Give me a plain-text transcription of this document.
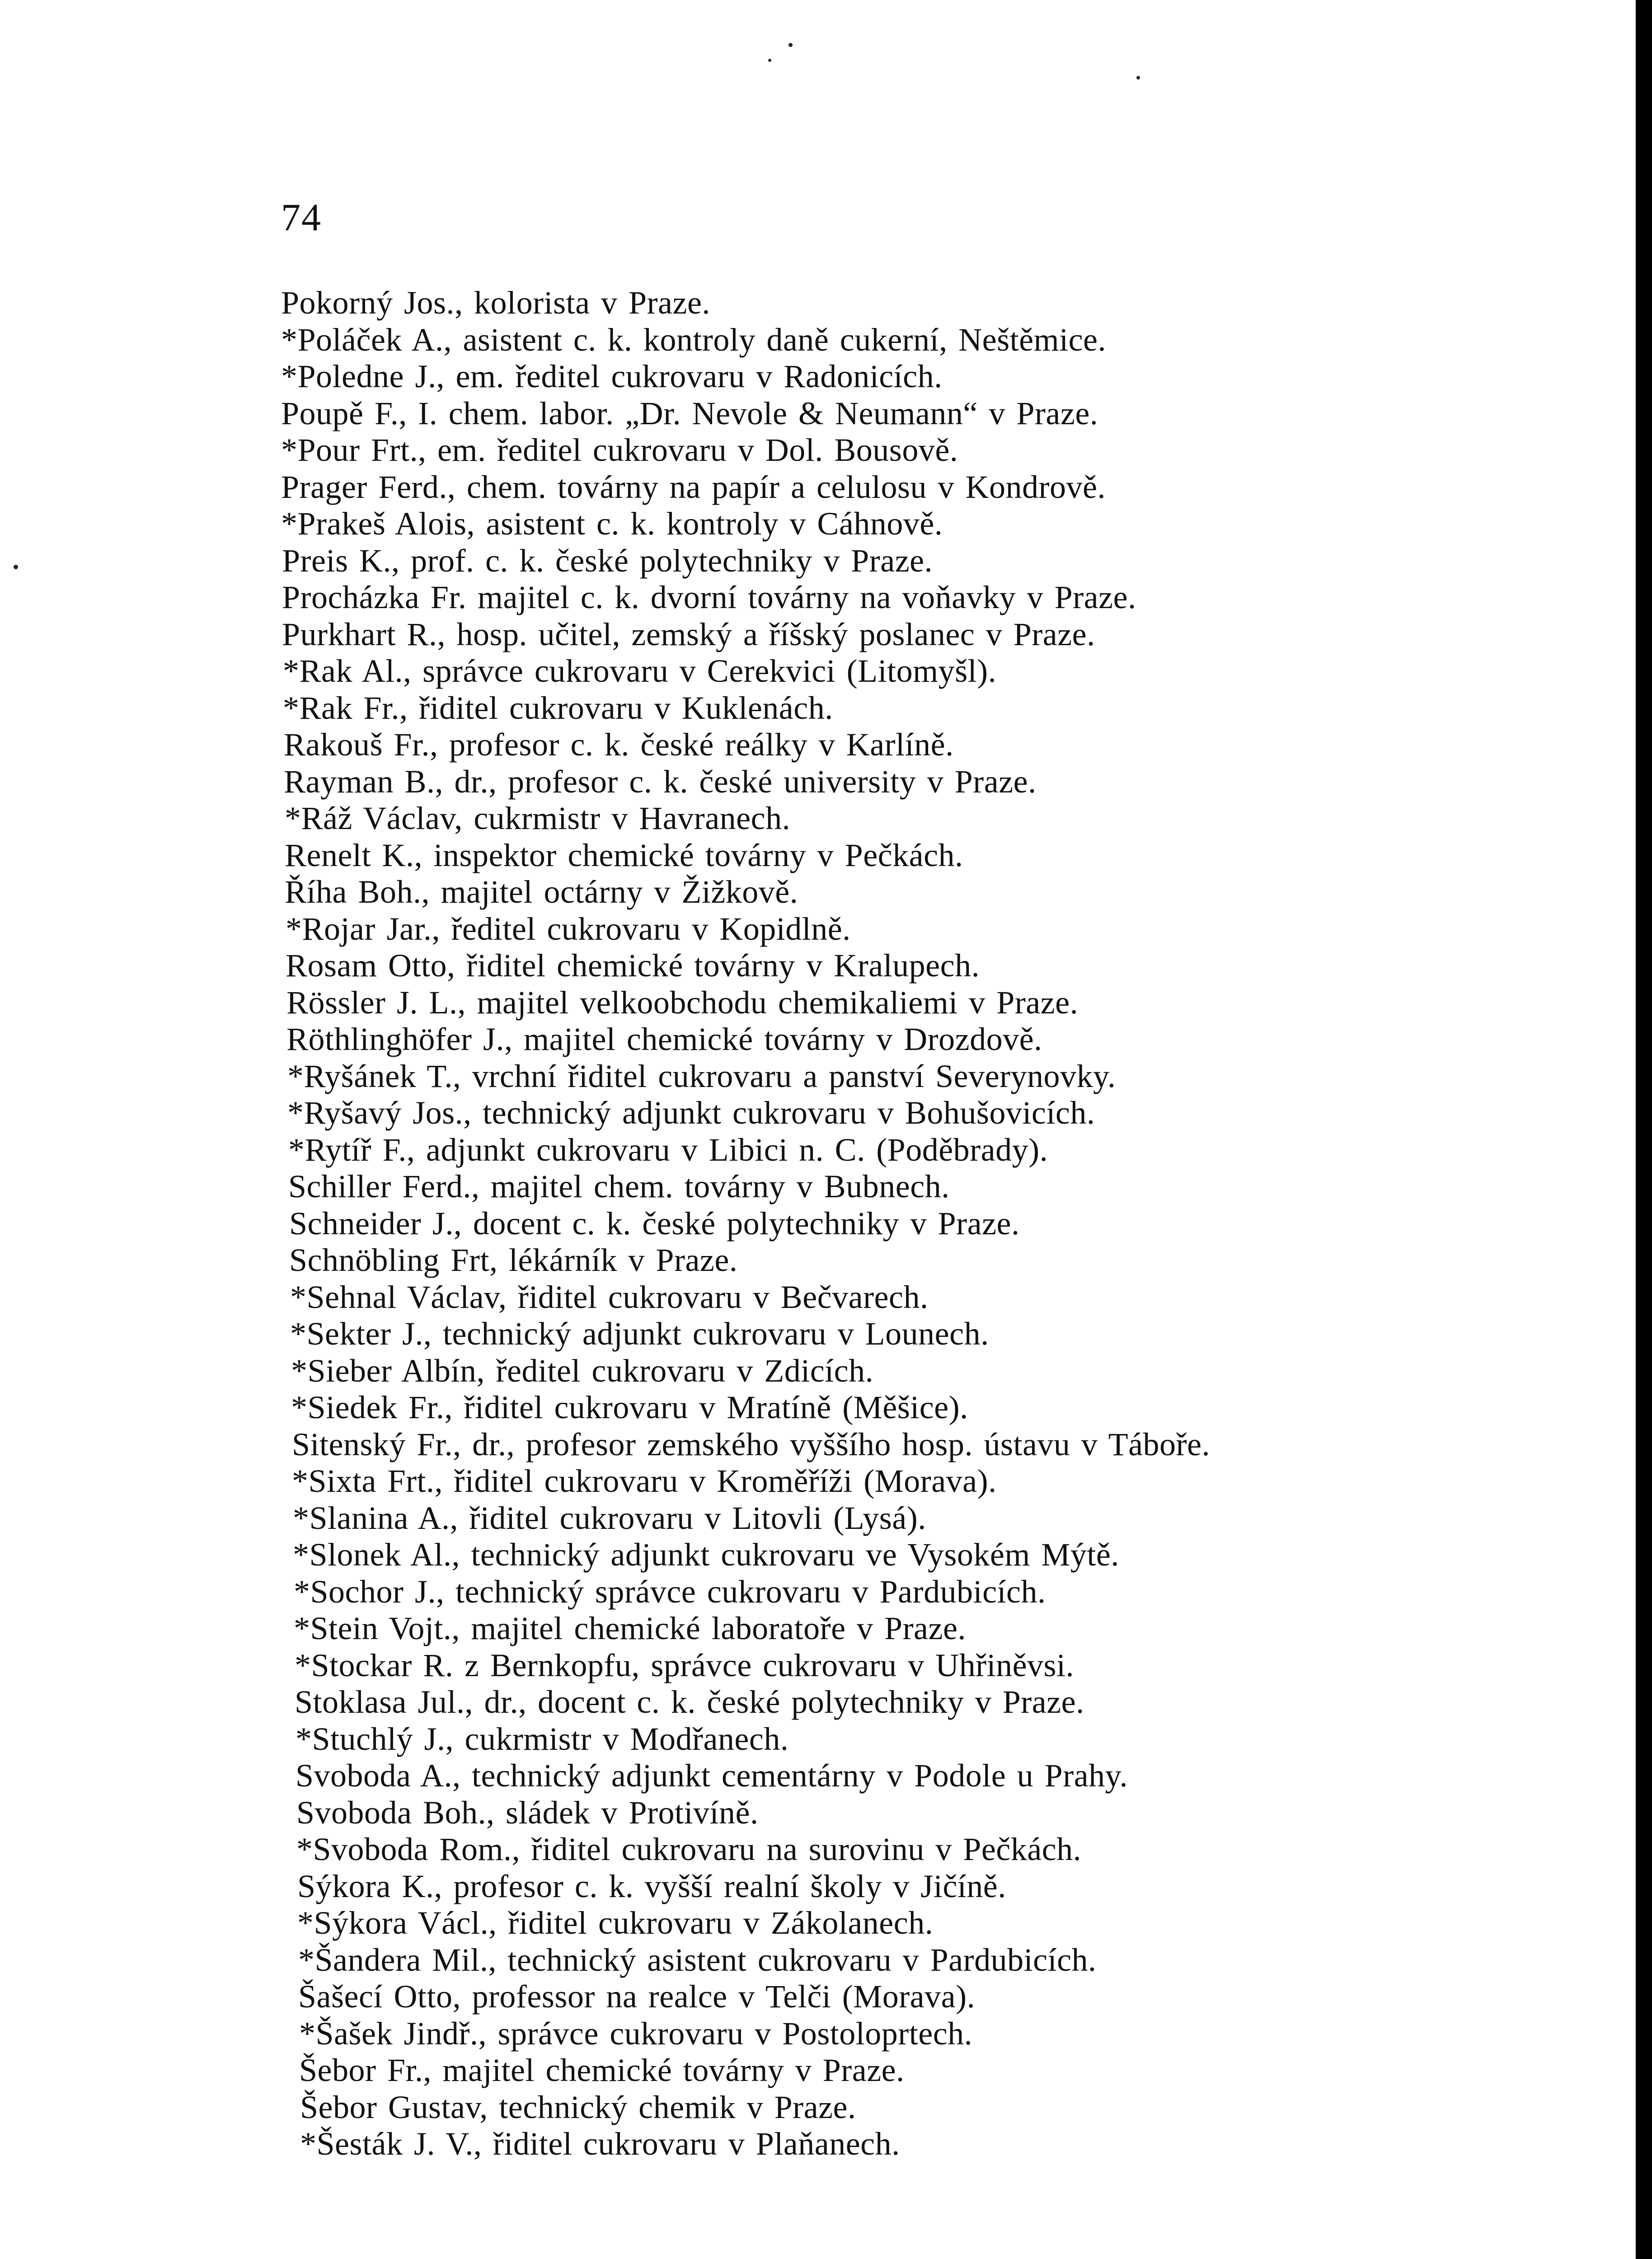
74
Pokorný Jos., kolorista v Praze.
*Poláček A., asistent c. k. kontroly daně cukerní, Neštěmice.
*Poledne J., em. ředitel cukrovaru v Radonicích.
Poupě F., I. chem. labor. „Dr. Nevole & Neumann“ v Praze.
*Pour Frt., em. ředitel cukrovaru v Dol. Bousově.
Prager Ferd., chem. továrny na papír a celulosu v Kondrově.
*Prakeš Alois, asistent c. k. kontroly v Cáhnově.
Preis K., prof. c. k. české polytechniky v Praze.
Procházka Fr. majitel c. k. dvorní továrny na voňavky v Praze.
Purkhart R., hosp. učitel, zemský a říšský poslanec v Praze.
*Rak Al., správce cukrovaru v Cerekvici (Litomyšl).
*Rak Fr., řiditel cukrovaru v Kuklenách.
Rakouš Fr., profesor c. k. české reálky v Karlíně.
Rayman B., dr., profesor c. k. české university v Praze.
*Ráž Václav, cukrmistr v Havranech.
Renelt K., inspektor chemické továrny v Pečkách.
Říha Boh., majitel octárny v Žižkově.
*Rojar Jar., ředitel cukrovaru v Kopidlně.
Rosam Otto, řiditel chemické továrny v Kralupech.
Rössler J. L., majitel velkoobchodu chemikaliemi v Praze.
Röthlinghöfer J., majitel chemické továrny v Drozdově.
*Ryšánek T., vrchní řiditel cukrovaru a panství Severynovky.
*Ryšavý Jos., technický adjunkt cukrovaru v Bohušovicích.
*Rytíř F., adjunkt cukrovaru v Libici n. C. (Poděbrady).
Schiller Ferd., majitel chem. továrny v Bubnech.
Schneider J., docent c. k. české polytechniky v Praze.
Schnöbling Frt, lékárník v Praze.
*Sehnal Václav, řiditel cukrovaru v Bečvarech.
*Sekter J., technický adjunkt cukrovaru v Lounech.
*Sieber Albín, ředitel cukrovaru v Zdicích.
*Siedek Fr., řiditel cukrovaru v Mratíně (Měšice).
Sitenský Fr., dr., profesor zemského vyššího hosp. ústavu v Táboře.
*Sixta Frt., řiditel cukrovaru v Kroměříži (Morava).
*Slanina A., řiditel cukrovaru v Litovli (Lysá).
*Slonek Al., technický adjunkt cukrovaru ve Vysokém Mýtě.
*Sochor J., technický správce cukrovaru v Pardubicích.
*Stein Vojt., majitel chemické laboratoře v Praze.
*Stockar R. z Bernkopfu, správce cukrovaru v Uhřiněvsi.
Stoklasa Jul., dr., docent c. k. české polytechniky v Praze.
*Stuchlý J., cukrmistr v Modřanech.
Svoboda A., technický adjunkt cementárny v Podole u Prahy.
Svoboda Boh., sládek v Protivíně.
*Svoboda Rom., řiditel cukrovaru na surovinu v Pečkách.
Sýkora K., profesor c. k. vyšší realní školy v Jičíně.
*Sýkora Václ., řiditel cukrovaru v Zákolanech.
*Šandera Mil., technický asistent cukrovaru v Pardubicích.
Šašecí Otto, professor na realce v Telči (Morava).
*Šašek Jindř., správce cukrovaru v Postoloprtech.
Šebor Fr., majitel chemické továrny v Praze.
Šebor Gustav, technický chemik v Praze.
*Šesták J. V., řiditel cukrovaru v Plaňanech.
